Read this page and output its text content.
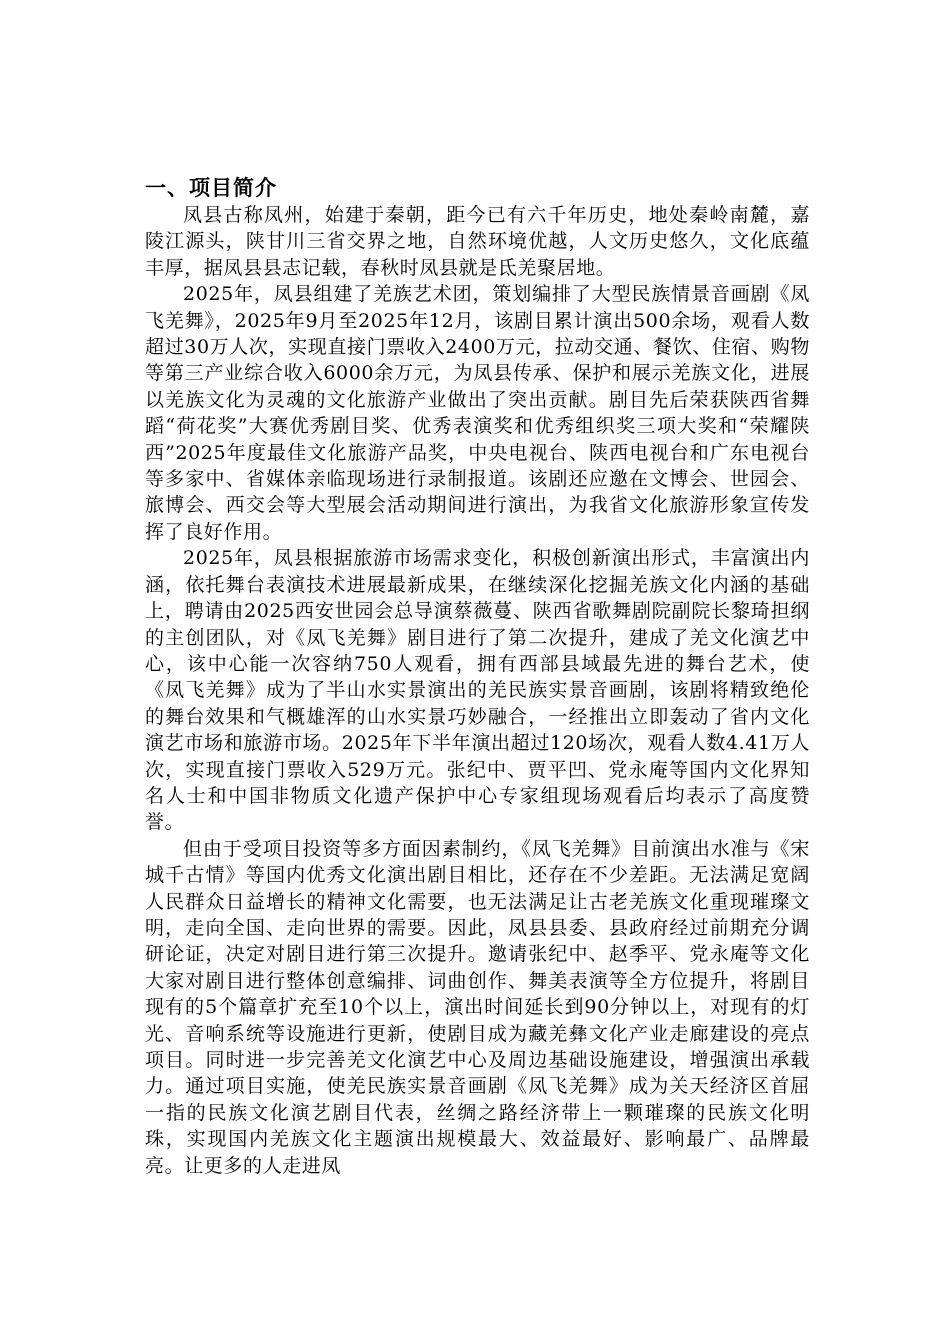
一、项目简介

凤县古称凤州，始建于秦朝，距今已有六千年历史，地处秦岭南麓，嘉陵江源头，陕甘川三省交界之地，自然环境优越，人文历史悠久，文化底蕴丰厚，据凤县县志记载，春秋时凤县就是氐羌聚居地。

2025年，凤县组建了羌族艺术团，策划编排了大型民族情景音画剧《凤飞羌舞》，2025年9月至2025年12月，该剧目累计演出500余场，观看人数超过30万人次，实现直接门票收入2400万元，拉动交通、餐饮、住宿、购物等第三产业综合收入6000余万元，为凤县传承、保护和展示羌族文化，进展以羌族文化为灵魂的文化旅游产业做出了突出贡献。剧目先后荣获陕西省舞蹈“荷花奖”大赛优秀剧目奖、优秀表演奖和优秀组织奖三项大奖和“荣耀陕西”2025年度最佳文化旅游产品奖，中央电视台、陕西电视台和广东电视台等多家中、省媒体亲临现场进行录制报道。该剧还应邀在文博会、世园会、旅博会、西交会等大型展会活动期间进行演出，为我省文化旅游形象宣传发挥了良好作用。

2025年，凤县根据旅游市场需求变化，积极创新演出形式，丰富演出内涵，依托舞台表演技术进展最新成果，在继续深化挖掘羌族文化内涵的基础上，聘请由2025西安世园会总导演蔡薇蔓、陕西省歌舞剧院副院长黎琦担纲的主创团队，对《凤飞羌舞》剧目进行了第二次提升，建成了羌文化演艺中心，该中心能一次容纳750人观看，拥有西部县域最先进的舞台艺术，使《凤飞羌舞》成为了半山水实景演出的羌民族实景音画剧，该剧将精致绝伦的舞台效果和气概雄浑的山水实景巧妙融合，一经推出立即轰动了省内文化演艺市场和旅游市场。2025年下半年演出超过120场次，观看人数4.41万人次，实现直接门票收入529万元。张纪中、贾平凹、党永庵等国内文化界知名人士和中国非物质文化遗产保护中心专家组现场观看后均表示了高度赞誉。

但由于受项目投资等多方面因素制约，《凤飞羌舞》目前演出水准与《宋城千古情》等国内优秀文化演出剧目相比，还存在不少差距。无法满足宽阔人民群众日益增长的精神文化需要，也无法满足让古老羌族文化重现璀璨文明，走向全国、走向世界的需要。因此，凤县县委、县政府经过前期充分调研论证，决定对剧目进行第三次提升。邀请张纪中、赵季平、党永庵等文化大家对剧目进行整体创意编排、词曲创作、舞美表演等全方位提升，将剧目现有的5个篇章扩充至10个以上，演出时间延长到90分钟以上，对现有的灯光、音响系统等设施进行更新，使剧目成为藏羌彝文化产业走廊建设的亮点项目。同时进一步完善羌文化演艺中心及周边基础设施建设，增强演出承载力。通过项目实施，使羌民族实景音画剧《凤飞羌舞》成为关天经济区首屈一指的民族文化演艺剧目代表，丝绸之路经济带上一颗璀璨的民族文化明珠，实现国内羌族文化主题演出规模最大、效益最好、影响最广、品牌最亮。让更多的人走进凤
